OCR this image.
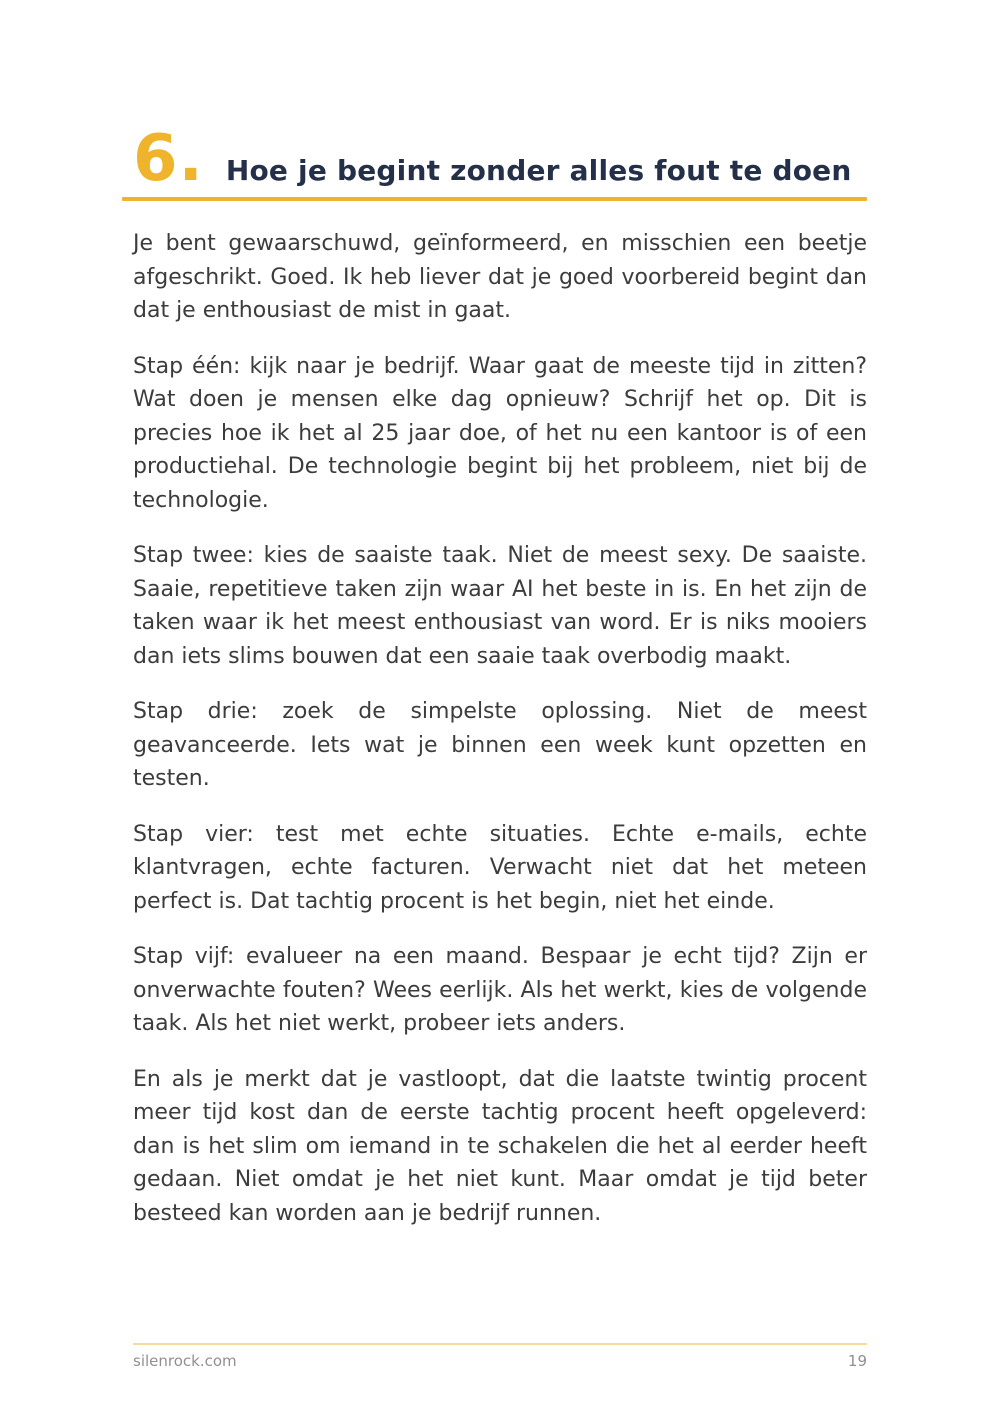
6. Hoe je begint zonder alles fout te doen

Je bent gewaarschuwd, geïnformeerd, en misschien een beetje afgeschrikt. Goed. Ik heb liever dat je goed voorbereid begint dan dat je enthousiast de mist in gaat.

Stap één: kijk naar je bedrijf. Waar gaat de meeste tijd in zitten? Wat doen je mensen elke dag opnieuw? Schrijf het op. Dit is precies hoe ik het al 25 jaar doe, of het nu een kantoor is of een productiehal. De technologie begint bij het probleem, niet bij de technologie.

Stap twee: kies de saaiste taak. Niet de meest sexy. De saaiste. Saaie, repetitieve taken zijn waar AI het beste in is. En het zijn de taken waar ik het meest enthousiast van word. Er is niks mooiers dan iets slims bouwen dat een saaie taak overbodig maakt.

Stap drie: zoek de simpelste oplossing. Niet de meest geavanceerde. Iets wat je binnen een week kunt opzetten en testen.

Stap vier: test met echte situaties. Echte e-mails, echte klantvragen, echte facturen. Verwacht niet dat het meteen perfect is. Dat tachtig procent is het begin, niet het einde.

Stap vijf: evalueer na een maand. Bespaar je echt tijd? Zijn er onverwachte fouten? Wees eerlijk. Als het werkt, kies de volgende taak. Als het niet werkt, probeer iets anders.

En als je merkt dat je vastloopt, dat die laatste twintig procent meer tijd kost dan de eerste tachtig procent heeft opgeleverd: dan is het slim om iemand in te schakelen die het al eerder heeft gedaan. Niet omdat je het niet kunt. Maar omdat je tijd beter besteed kan worden aan je bedrijf runnen.

silenrock.com	19
